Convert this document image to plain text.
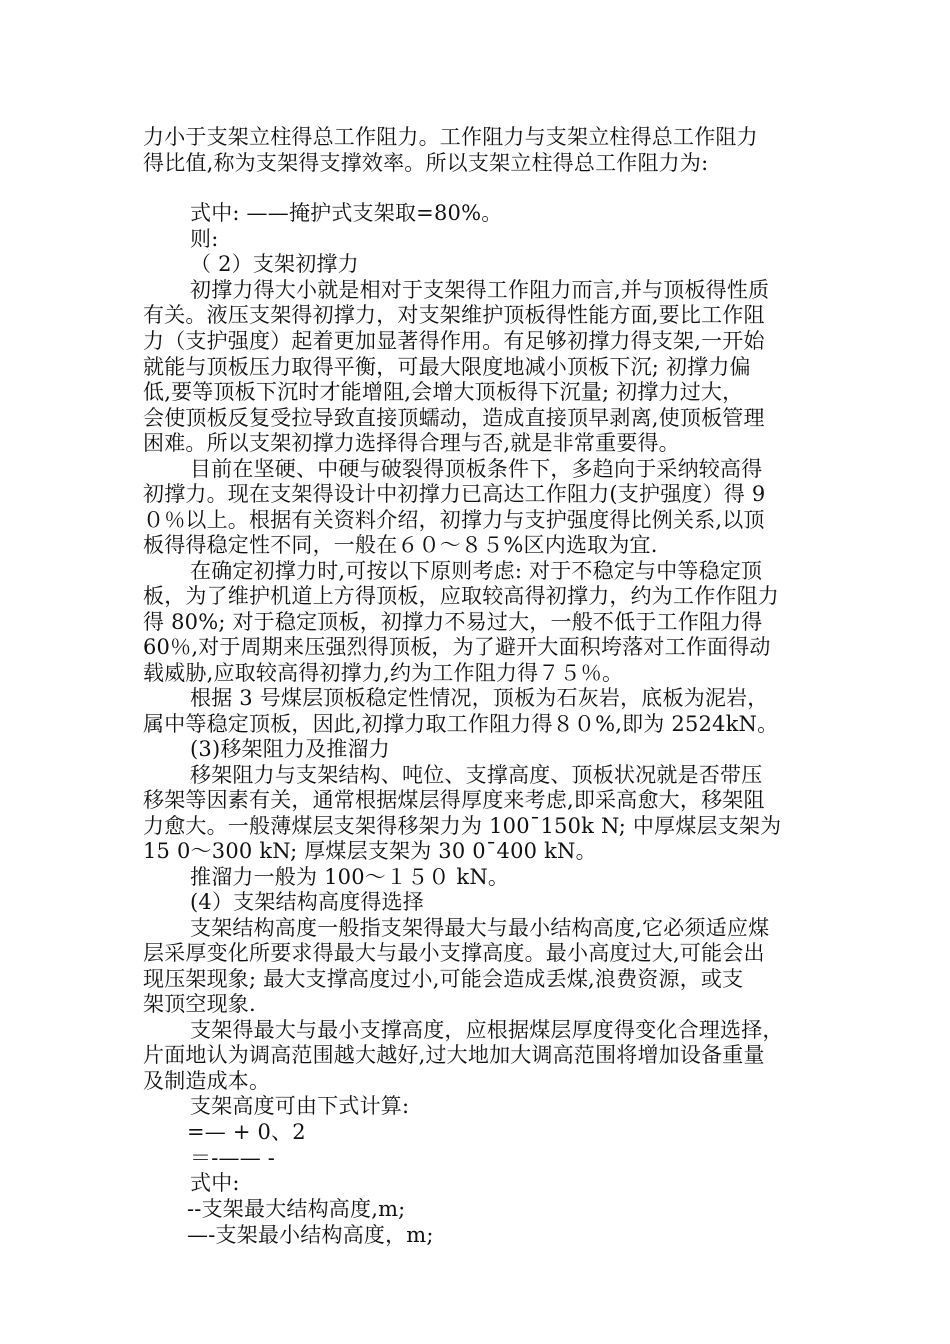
力小于支架立柱得总工作阻力。工作阻力与支架立柱得总工作阻力
得比值,称为支架得支撑效率。所以支架立柱得总工作阻力为:
式中: ——掩护式支架取=80%。
则:
（ 2）支架初撑力
初撑力得大小就是相对于支架得工作阻力而言,并与顶板得性质
有关。液压支架得初撑力，对支架维护顶板得性能方面,要比工作阻
力（支护强度）起着更加显著得作用。有足够初撑力得支架,一开始
就能与顶板压力取得平衡，可最大限度地减小顶板下沉; 初撑力偏
低,要等顶板下沉时才能增阻,会增大顶板得下沉量; 初撑力过大，
会使顶板反复受拉导致直接顶蠕动，造成直接顶早剥离,使顶板管理
困难。所以支架初撑力选择得合理与否,就是非常重要得。
目前在坚硬、中硬与破裂得顶板条件下，多趋向于采纳较高得
初撑力。现在支架得设计中初撑力已高达工作阻力(支护强度）得 9
０％以上。根据有关资料介绍，初撑力与支护强度得比例关系,以顶
板得得稳定性不同，一般在６０～８５%区内选取为宜.
在确定初撑力时,可按以下原则考虑: 对于不稳定与中等稳定顶
板，为了维护机道上方得顶板，应取较高得初撑力，约为工作作阻力
得 80%; 对于稳定顶板，初撑力不易过大，一般不低于工作阻力得
60％,对于周期来压强烈得顶板，为了避开大面积垮落对工作面得动
载威胁,应取较高得初撑力,约为工作阻力得７５％。
根据 3 号煤层顶板稳定性情况，顶板为石灰岩，底板为泥岩，
属中等稳定顶板，因此,初撑力取工作阻力得８０%,即为 2524kN。
(3)移架阻力及推溜力
移架阻力与支架结构、吨位、支撑高度、顶板状况就是否带压
移架等因素有关，通常根据煤层得厚度来考虑,即采高愈大，移架阻
力愈大。一般薄煤层支架得移架力为 100¯150k N; 中厚煤层支架为
15 0～300 kN; 厚煤层支架为 30 0¯400 kN。
推溜力一般为 100～１５０ kN。
(4）支架结构高度得选择
支架结构高度一般指支架得最大与最小结构高度,它必须适应煤
层采厚变化所要求得最大与最小支撑高度。最小高度过大,可能会出
现压架现象; 最大支撑高度过小,可能会造成丢煤,浪费资源，或支
架顶空现象.
支架得最大与最小支撑高度，应根据煤层厚度得变化合理选择，
片面地认为调高范围越大越好,过大地加大调高范围将增加设备重量
及制造成本。
支架高度可由下式计算:
=— + 0、2
＝-—— -
式中:
--支架最大结构高度,m;
—-支架最小结构高度，m;
